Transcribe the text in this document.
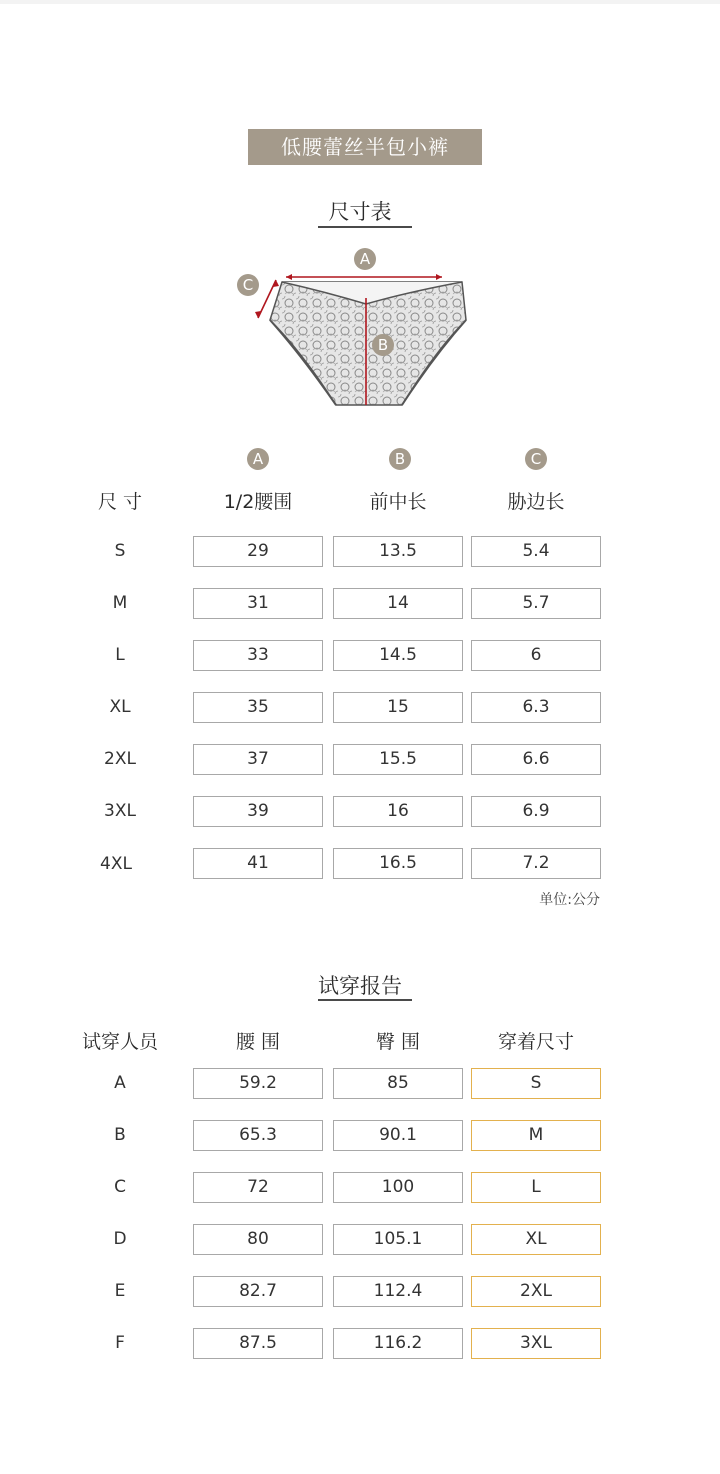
低腰蕾丝半包小裤
尺寸表
A
B
C
A	B	C
尺 寸	1/2腰围	前中长	胁边长
S	29	13.5	5.4
M	31	14	5.7
L	33	14.5	6
XL	35	15	6.3
2XL	37	15.5	6.6
3XL	39	16	6.9
4XL	41	16.5	7.2
单位:公分
试穿报告
试穿人员	腰 围	臀 围	穿着尺寸
A	59.2	85	S
B	65.3	90.1	M
C	72	100	L
D	80	105.1	XL
E	82.7	112.4	2XL
F	87.5	116.2	3XL
